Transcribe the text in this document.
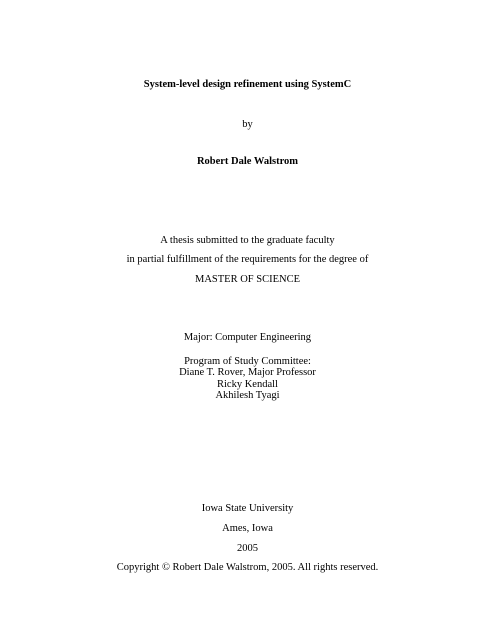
System-level design refinement using SystemC
by
Robert Dale Walstrom
A thesis submitted to the graduate faculty
in partial fulfillment of the requirements for the degree of
MASTER OF SCIENCE
Major: Computer Engineering
Program of Study Committee:
Diane T. Rover, Major Professor
Ricky Kendall
Akhilesh Tyagi
Iowa State University
Ames, Iowa
2005
Copyright © Robert Dale Walstrom, 2005. All rights reserved.
